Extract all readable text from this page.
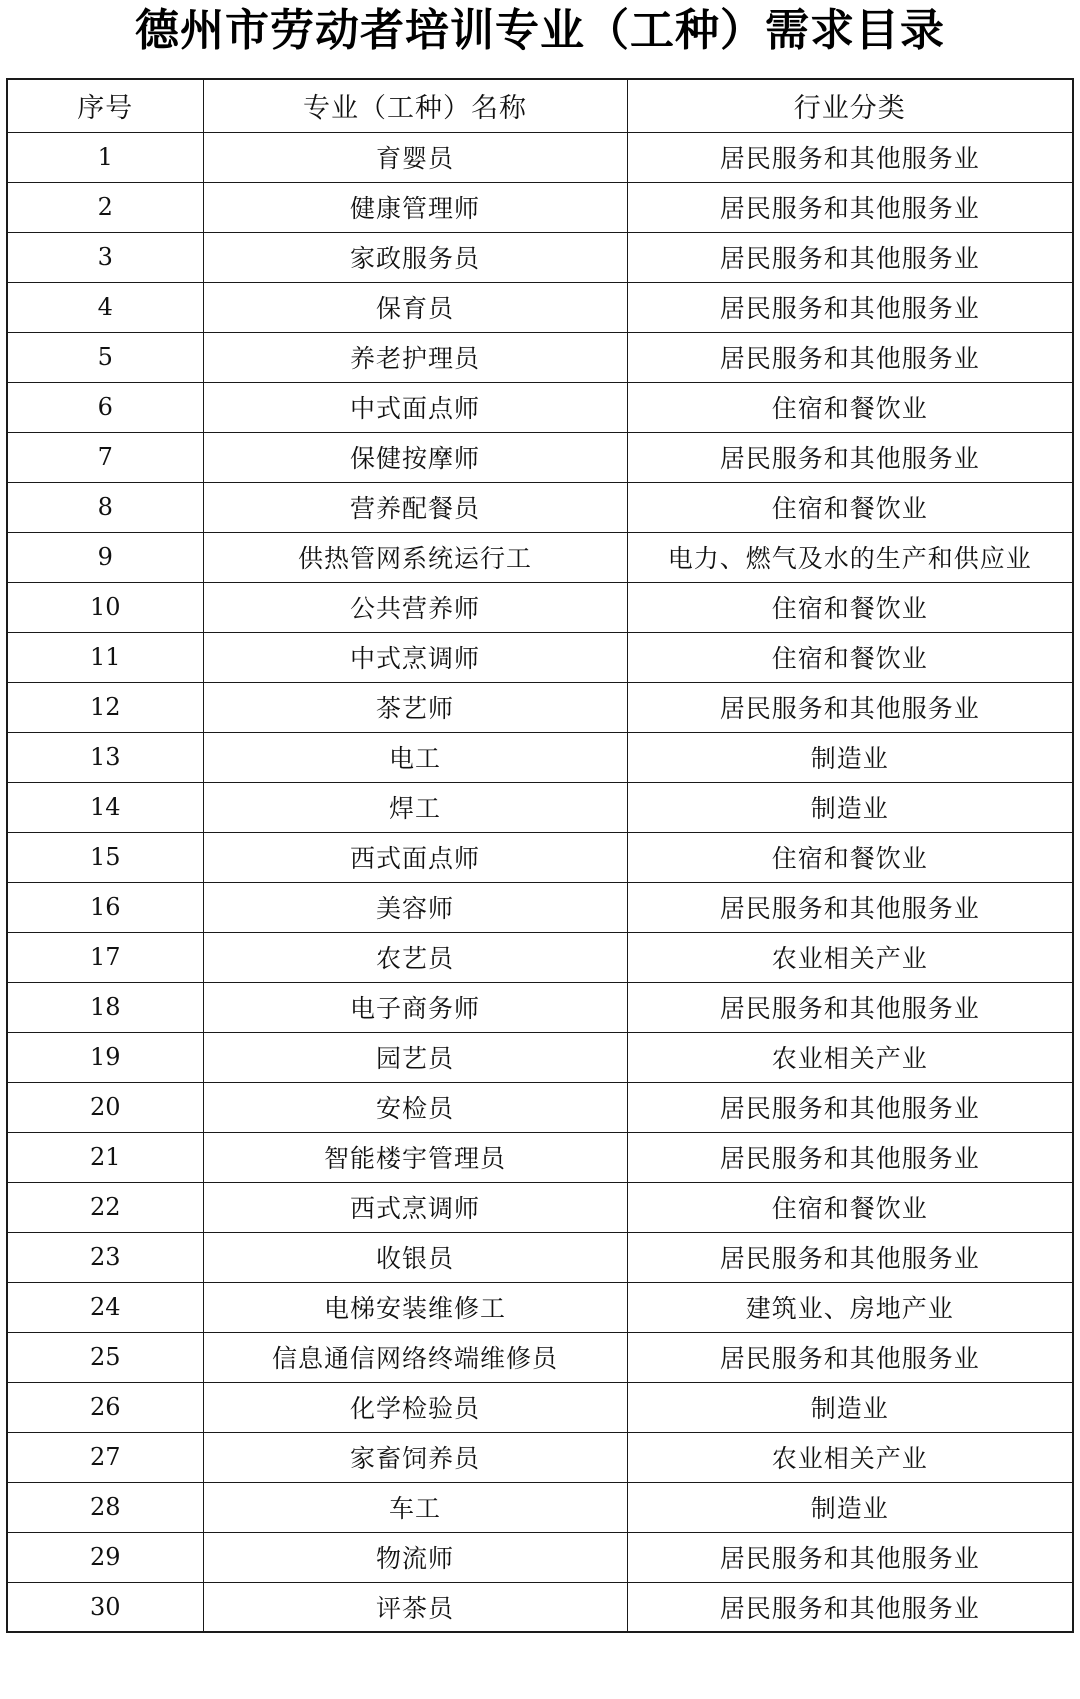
德州市劳动者培训专业（工种）需求目录
序号	专业（工种）名称	行业分类
1	育婴员	居民服务和其他服务业
2	健康管理师	居民服务和其他服务业
3	家政服务员	居民服务和其他服务业
4	保育员	居民服务和其他服务业
5	养老护理员	居民服务和其他服务业
6	中式面点师	住宿和餐饮业
7	保健按摩师	居民服务和其他服务业
8	营养配餐员	住宿和餐饮业
9	供热管网系统运行工	电力、燃气及水的生产和供应业
10	公共营养师	住宿和餐饮业
11	中式烹调师	住宿和餐饮业
12	茶艺师	居民服务和其他服务业
13	电工	制造业
14	焊工	制造业
15	西式面点师	住宿和餐饮业
16	美容师	居民服务和其他服务业
17	农艺员	农业相关产业
18	电子商务师	居民服务和其他服务业
19	园艺员	农业相关产业
20	安检员	居民服务和其他服务业
21	智能楼宇管理员	居民服务和其他服务业
22	西式烹调师	住宿和餐饮业
23	收银员	居民服务和其他服务业
24	电梯安装维修工	建筑业、房地产业
25	信息通信网络终端维修员	居民服务和其他服务业
26	化学检验员	制造业
27	家畜饲养员	农业相关产业
28	车工	制造业
29	物流师	居民服务和其他服务业
30	评茶员	居民服务和其他服务业
